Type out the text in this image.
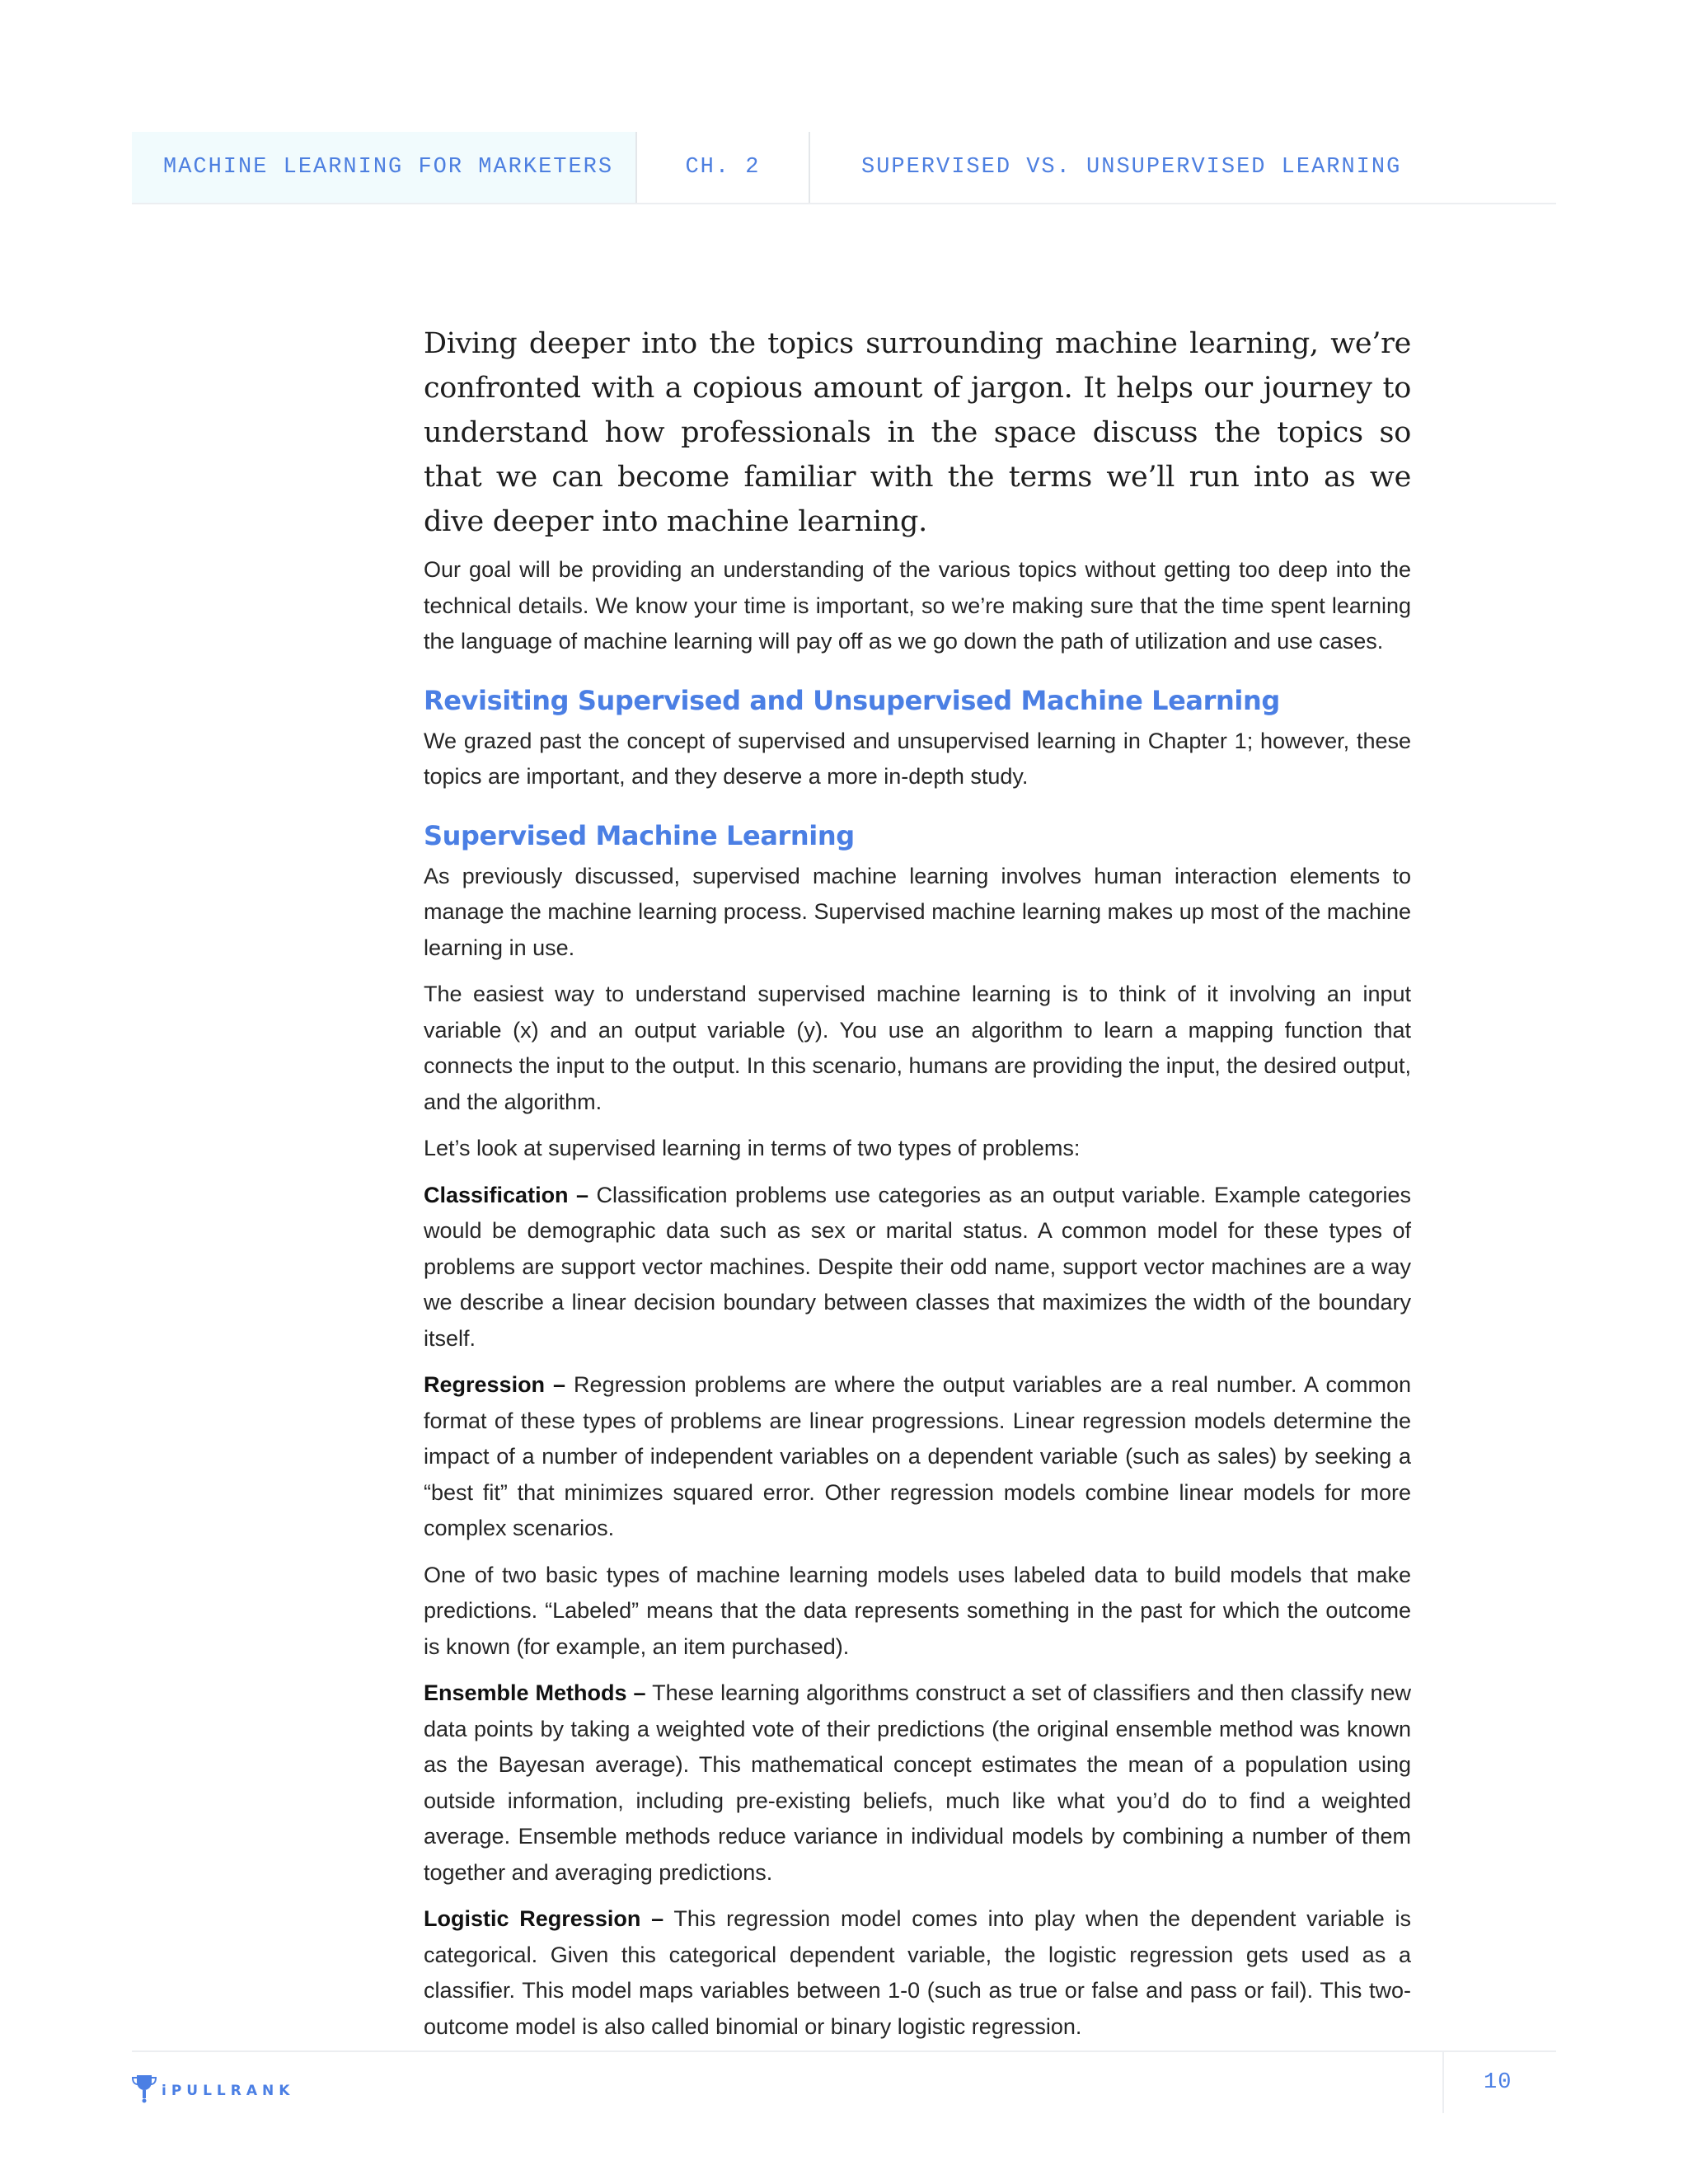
MACHINE LEARNING FOR MARKETERS	CH. 2	SUPERVISED VS. UNSUPERVISED LEARNING

Diving deeper into the topics surrounding machine learning, we’re confronted with a copious amount of jargon. It helps our journey to understand how professionals in the space discuss the topics so that we can become familiar with the terms we’ll run into as we dive deeper into machine learning.

Our goal will be providing an understanding of the various topics without getting too deep into the technical details. We know your time is important, so we’re making sure that the time spent learning the language of machine learning will pay off as we go down the path of utilization and use cases.

Revisiting Supervised and Unsupervised Machine Learning

We grazed past the concept of supervised and unsupervised learning in Chapter 1; however, these topics are important, and they deserve a more in-depth study.

Supervised Machine Learning

As previously discussed, supervised machine learning involves human interaction elements to manage the machine learning process. Supervised machine learning makes up most of the machine learning in use.

The easiest way to understand supervised machine learning is to think of it involving an input variable (x) and an output variable (y). You use an algorithm to learn a mapping function that connects the input to the output. In this scenario, humans are providing the input, the desired output, and the algorithm.

Let’s look at supervised learning in terms of two types of problems:

Classification – Classification problems use categories as an output variable. Example categories would be demographic data such as sex or marital status. A common model for these types of problems are support vector machines. Despite their odd name, support vector machines are a way we describe a linear decision boundary between classes that maximizes the width of the boundary itself.

Regression – Regression problems are where the output variables are a real number. A common format of these types of problems are linear progressions. Linear regression models determine the impact of a number of independent variables on a dependent variable (such as sales) by seeking a “best fit” that minimizes squared error. Other regression models combine linear models for more complex scenarios.

One of two basic types of machine learning models uses labeled data to build models that make predictions. “Labeled” means that the data represents something in the past for which the outcome is known (for example, an item purchased).

Ensemble Methods – These learning algorithms construct a set of classifiers and then classify new data points by taking a weighted vote of their predictions (the original ensemble method was known as the Bayesan average). This mathematical concept estimates the mean of a population using outside information, including pre-existing beliefs, much like what you’d do to find a weighted average. Ensemble methods reduce variance in individual models by combining a number of them together and averaging predictions.

Logistic Regression – This regression model comes into play when the dependent variable is categorical. Given this categorical dependent variable, the logistic regression gets used as a classifier. This model maps variables between 1-0 (such as true or false and pass or fail). This two-outcome model is also called binomial or binary logistic regression.

iPULLRANK	10
